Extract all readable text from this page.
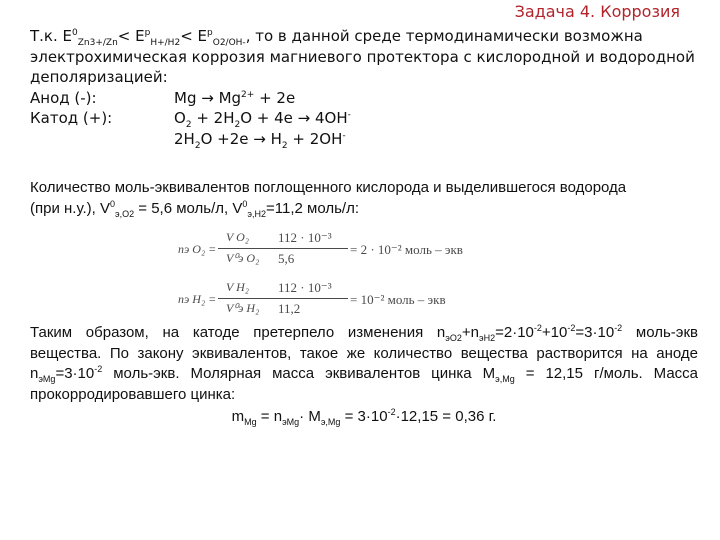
Задача 4. Коррозия
Т.к. $E^0_{Zn3+/Zn}< E^p_{H+/H2}< E^p_{O2/OH-}$, то в данной среде термодинамически возможна
электрохимическая коррозия магниевого протектора с кислородной и водородной
деполяризацией:
Анод (-):	$Mg \to Mg^{2+} + 2e$
Катод (+):	$O_2 + 2H_2O + 4e \to 4OH^-$
$2H_2O +2e \to H_2 + 2OH^-$
Количество моль-эквивалентов поглощенного кислорода и выделившегося водорода
(при н.у.), $V^0_{э,O2} = 5,6$ моль/л, $V^0_{э,H2}=11,2$ моль/л:
nэ O₂ =
V O₂ 112 · 10⁻³
V⁰э O₂ 5,6
= 2 · 10⁻² моль – экв
nэ H₂ =
V H₂ 112 · 10⁻³
V⁰э H₂ 11,2
= 10⁻² моль – экв
Таким образом, на катоде претерпело изменения $n_{эO2}+n_{эH2}=2\cdot 10^{-2}+10^{-2}=3\cdot 10^{-2}$ моль-экв вещества. По закону эквивалентов, такое же количество вещества растворится на аноде $n_{эMg}=3\cdot 10^{-2}$ моль-экв. Молярная масса эквивалентов цинка $M_{э,Mg} = 12,15$ г/моль. Масса прокорродировавшего цинка:
$m_{Mg} = n_{эMg}\cdot M_{э,Mg} = 3\cdot 10^{-2}\cdot 12,15 = 0,36$ г.
